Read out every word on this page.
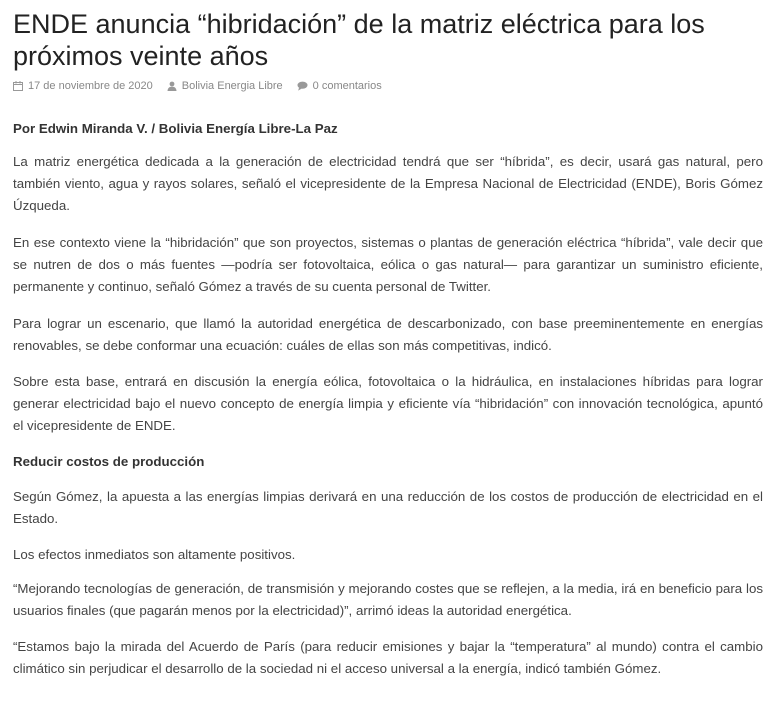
ENDE anuncia “hibridación” de la matriz eléctrica para los próximos veinte años
17 de noviembre de 2020	Bolivia Energia Libre	0 comentarios

Por Edwin Miranda V. / Bolivia Energía Libre-La Paz

La matriz energética dedicada a la generación de electricidad tendrá que ser “híbrida”, es decir, usará gas natural, pero también viento, agua y rayos solares, señaló el vicepresidente de la Empresa Nacional de Electricidad (ENDE), Boris Gómez Úzqueda.

En ese contexto viene la “hibridación” que son proyectos, sistemas o plantas de generación eléctrica “híbrida”, vale decir que se nutren de dos o más fuentes —podría ser fotovoltaica, eólica o gas natural— para garantizar un suministro eficiente, permanente y continuo, señaló Gómez a través de su cuenta personal de Twitter.

Para lograr un escenario, que llamó la autoridad energética de descarbonizado, con base preeminentemente en energías renovables, se debe conformar una ecuación: cuáles de ellas son más competitivas, indicó.

Sobre esta base, entrará en discusión la energía eólica, fotovoltaica o la hidráulica, en instalaciones híbridas para lograr generar electricidad bajo el nuevo concepto de energía limpia y eficiente vía “hibridación” con innovación tecnológica, apuntó el vicepresidente de ENDE.

Reducir costos de producción

Según Gómez, la apuesta a las energías limpias derivará en una reducción de los costos de producción de electricidad en el Estado.

Los efectos inmediatos son altamente positivos.

“Mejorando tecnologías de generación, de transmisión y mejorando costes que se reflejen, a la media, irá en beneficio para los usuarios finales (que pagarán menos por la electricidad)”, arrimó ideas la autoridad energética.

“Estamos bajo la mirada del Acuerdo de París (para reducir emisiones y bajar la “temperatura” al mundo) contra el cambio climático sin perjudicar el desarrollo de la sociedad ni el acceso universal a la energía, indicó también Gómez.
